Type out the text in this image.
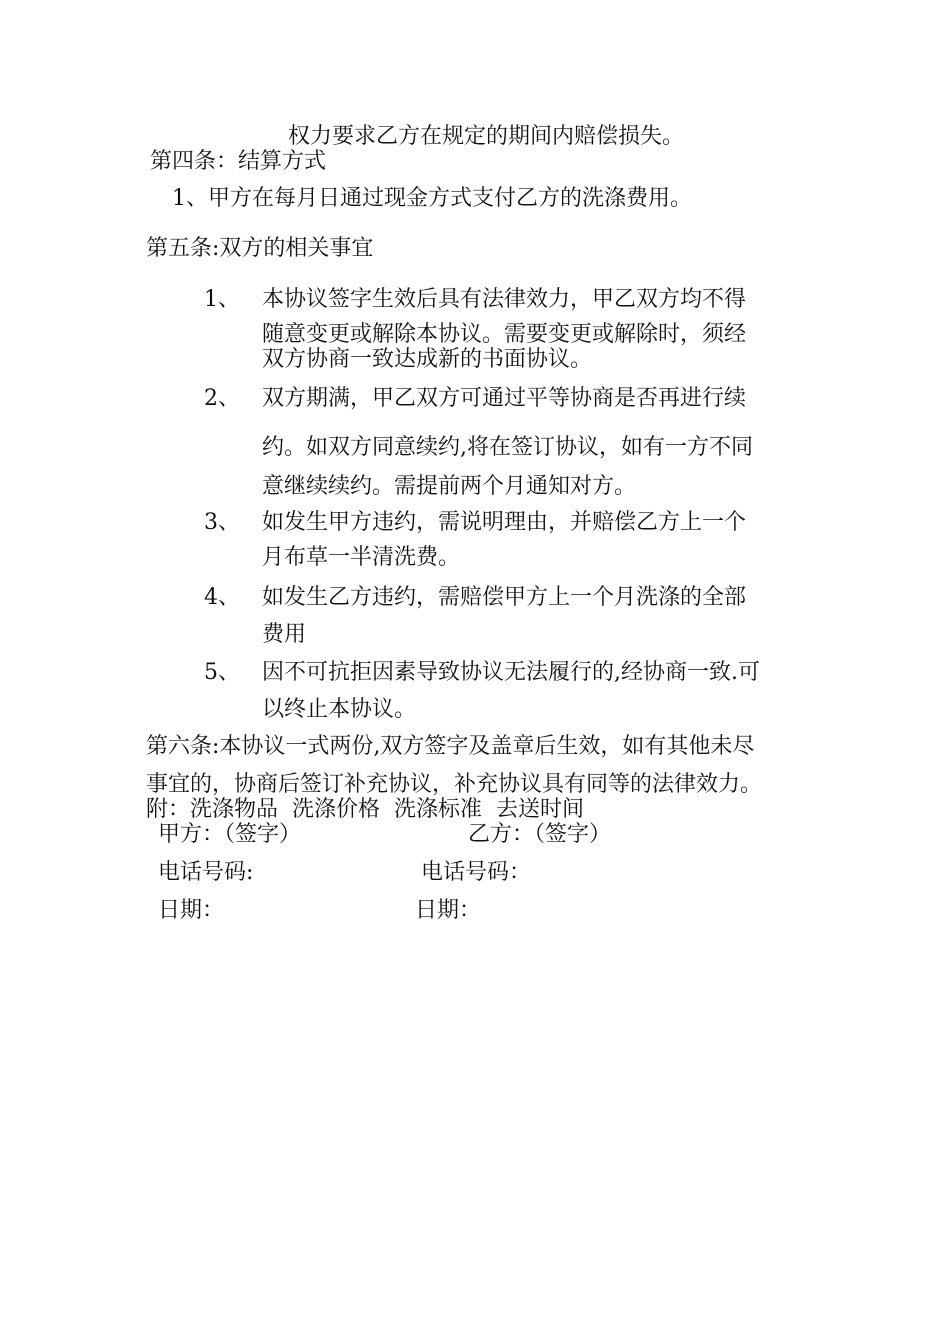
权力要求乙方在规定的期间内赔偿损失。
第四条：结算方式
1、甲方在每月日通过现金方式支付乙方的洗涤费用。
第五条:双方的相关事宜
1、 本协议签字生效后具有法律效力，甲乙双方均不得
随意变更或解除本协议。需要变更或解除时，须经
双方协商一致达成新的书面协议。
2、 双方期满，甲乙双方可通过平等协商是否再进行续
约。如双方同意续约,将在签订协议，如有一方不同
意继续续约。需提前两个月通知对方。
3、 如发生甲方违约，需说明理由，并赔偿乙方上一个
月布草一半清洗费。
4、 如发生乙方违约，需赔偿甲方上一个月洗涤的全部
费用
5、 因不可抗拒因素导致协议无法履行的,经协商一致.可
以终止本协议。
第六条:本协议一式两份,双方签字及盖章后生效，如有其他未尽
事宜的，协商后签订补充协议，补充协议具有同等的法律效力。
附：洗涤物品  洗涤价格  洗涤标准  去送时间
甲方：（签字）	乙方：（签字）
电话号码:	电话号码：
日期：	日期：
